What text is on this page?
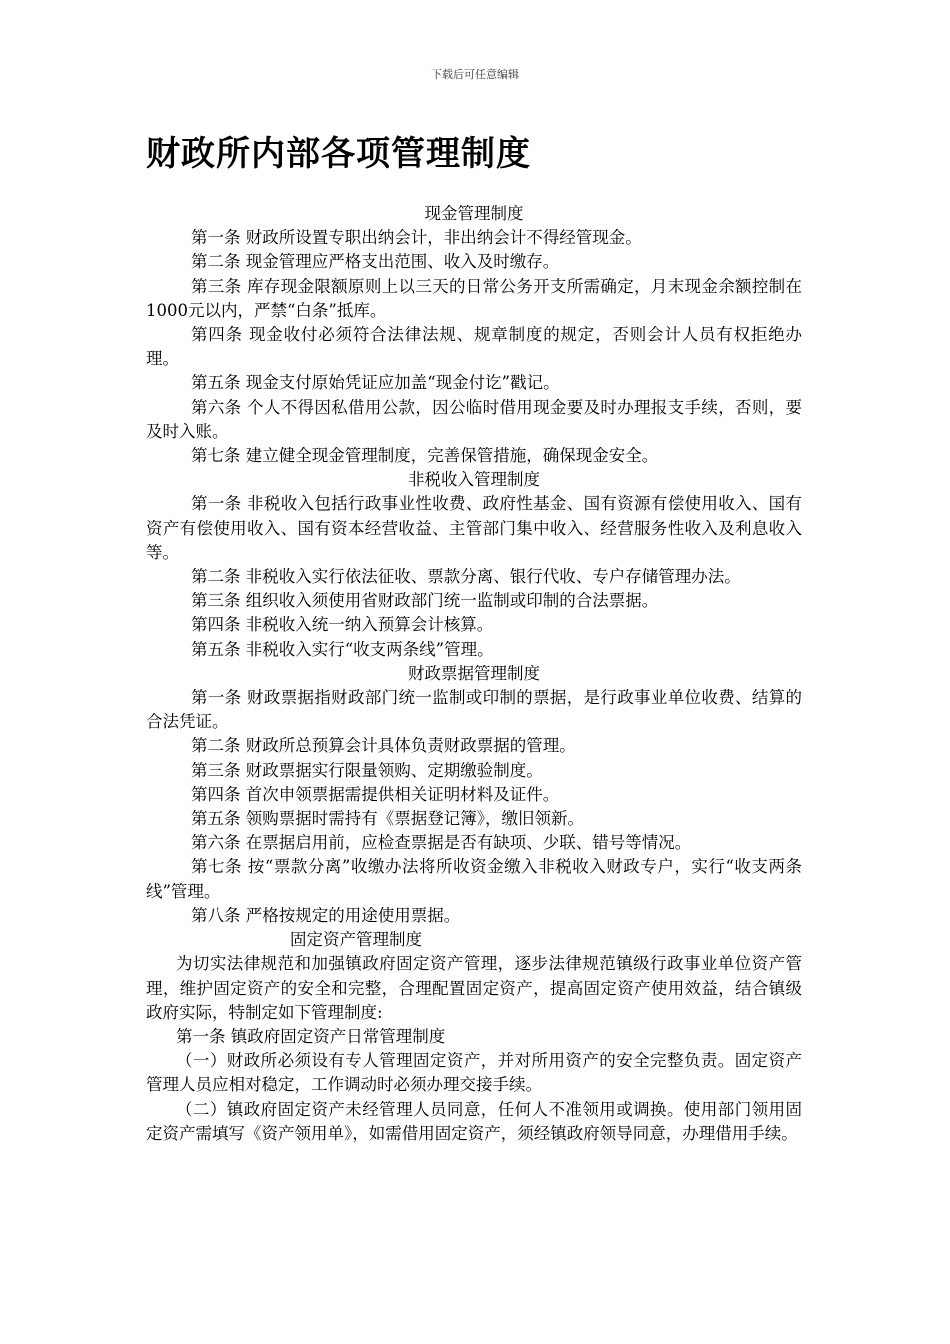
下载后可任意编辑
财政所内部各项管理制度

现金管理制度

第一条 财政所设置专职出纳会计，非出纳会计不得经管现金。

第二条 现金管理应严格支出范围、收入及时缴存。

第三条 库存现金限额原则上以三天的日常公务开支所需确定，月末现金余额控制在1000元以内，严禁“白条”抵库。

第四条 现金收付必须符合法律法规、规章制度的规定，否则会计人员有权拒绝办理。

第五条 现金支付原始凭证应加盖“现金付讫”戳记。

第六条 个人不得因私借用公款，因公临时借用现金要及时办理报支手续，否则，要及时入账。

第七条 建立健全现金管理制度，完善保管措施，确保现金安全。

非税收入管理制度

第一条 非税收入包括行政事业性收费、政府性基金、国有资源有偿使用收入、国有资产有偿使用收入、国有资本经营收益、主管部门集中收入、经营服务性收入及利息收入等。

第二条 非税收入实行依法征收、票款分离、银行代收、专户存储管理办法。

第三条 组织收入须使用省财政部门统一监制或印制的合法票据。

第四条 非税收入统一纳入预算会计核算。

第五条 非税收入实行“收支两条线”管理。

财政票据管理制度

第一条 财政票据指财政部门统一监制或印制的票据，是行政事业单位收费、结算的合法凭证。

第二条 财政所总预算会计具体负责财政票据的管理。

第三条 财政票据实行限量领购、定期缴验制度。

第四条 首次申领票据需提供相关证明材料及证件。

第五条 领购票据时需持有《票据登记簿》，缴旧领新。

第六条 在票据启用前，应检查票据是否有缺项、少联、错号等情况。

第七条 按“票款分离”收缴办法将所收资金缴入非税收入财政专户，实行“收支两条线”管理。

第八条 严格按规定的用途使用票据。

固定资产管理制度

为切实法律规范和加强镇政府固定资产管理，逐步法律规范镇级行政事业单位资产管理，维护固定资产的安全和完整，合理配置固定资产，提高固定资产使用效益，结合镇级政府实际，特制定如下管理制度:

第一条 镇政府固定资产日常管理制度

（一）财政所必须设有专人管理固定资产，并对所用资产的安全完整负责。固定资产管理人员应相对稳定，工作调动时必须办理交接手续。

（二）镇政府固定资产未经管理人员同意，任何人不准领用或调换。使用部门领用固定资产需填写《资产领用单》，如需借用固定资产，须经镇政府领导同意，办理借用手续。
